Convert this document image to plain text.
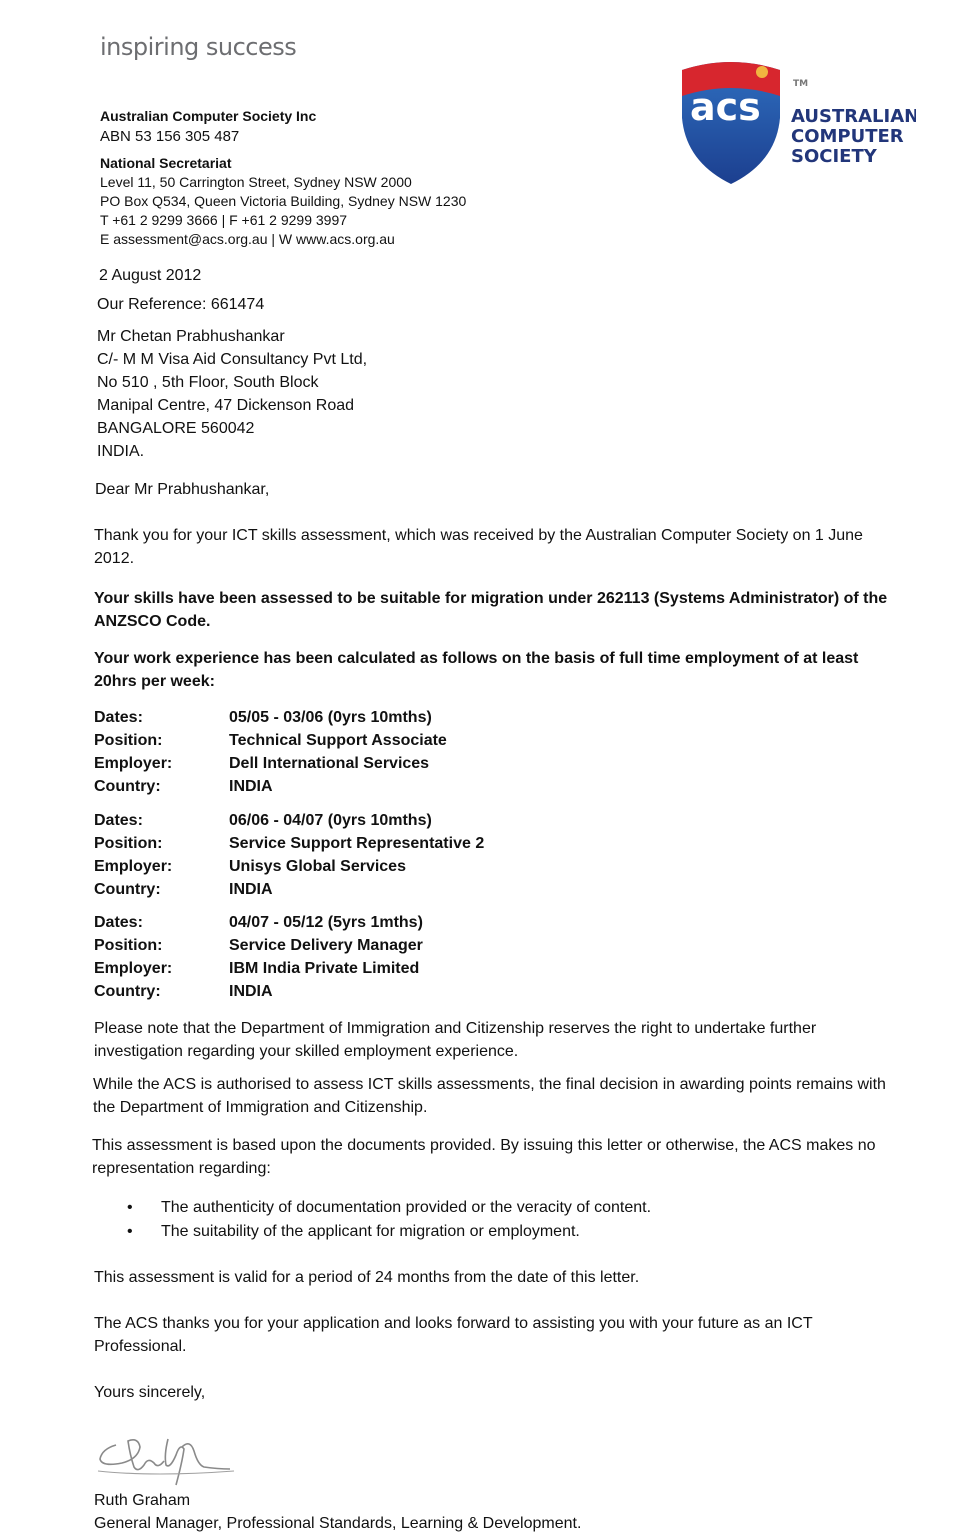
inspiring success
Australian Computer Society Inc
ABN 53 156 305 487
National Secretariat
Level 11, 50 Carrington Street, Sydney NSW 2000
PO Box Q534, Queen Victoria Building, Sydney NSW 1230
T +61 2 9299 3666 | F +61 2 9299 3997
E assessment@acs.org.au | W www.acs.org.au
acs
TM
AUSTRALIAN
COMPUTER
SOCIETY
2 August 2012
Our Reference: 661474
Mr Chetan Prabhushankar
C/- M M Visa Aid Consultancy Pvt Ltd,
No 510 , 5th Floor, South Block
Manipal Centre, 47 Dickenson Road
BANGALORE 560042
INDIA.
Dear Mr Prabhushankar,
Thank you for your ICT skills assessment, which was received by the Australian Computer Society on 1 June 2012.
Your skills have been assessed to be suitable for migration under 262113 (Systems Administrator) of the ANZSCO Code.
Your work experience has been calculated as follows on the basis of full time employment of at least 20hrs per week:
Dates:	05/05 - 03/06 (0yrs 10mths)
Position:	Technical Support Associate
Employer:	Dell International Services
Country:	INDIA
Dates:	06/06 - 04/07 (0yrs 10mths)
Position:	Service Support Representative 2
Employer:	Unisys Global Services
Country:	INDIA
Dates:	04/07 - 05/12 (5yrs 1mths)
Position:	Service Delivery Manager
Employer:	IBM India Private Limited
Country:	INDIA
Please note that the Department of Immigration and Citizenship reserves the right to undertake further investigation regarding your skilled employment experience.
While the ACS is authorised to assess ICT skills assessments, the final decision in awarding points remains with the Department of Immigration and Citizenship.
This assessment is based upon the documents provided. By issuing this letter or otherwise, the ACS makes no representation regarding:
•	The authenticity of documentation provided or the veracity of content.
•	The suitability of the applicant for migration or employment.
This assessment is valid for a period of 24 months from the date of this letter.
The ACS thanks you for your application and looks forward to assisting you with your future as an ICT Professional.
Yours sincerely,
Ruth Graham
General Manager, Professional Standards, Learning & Development.
